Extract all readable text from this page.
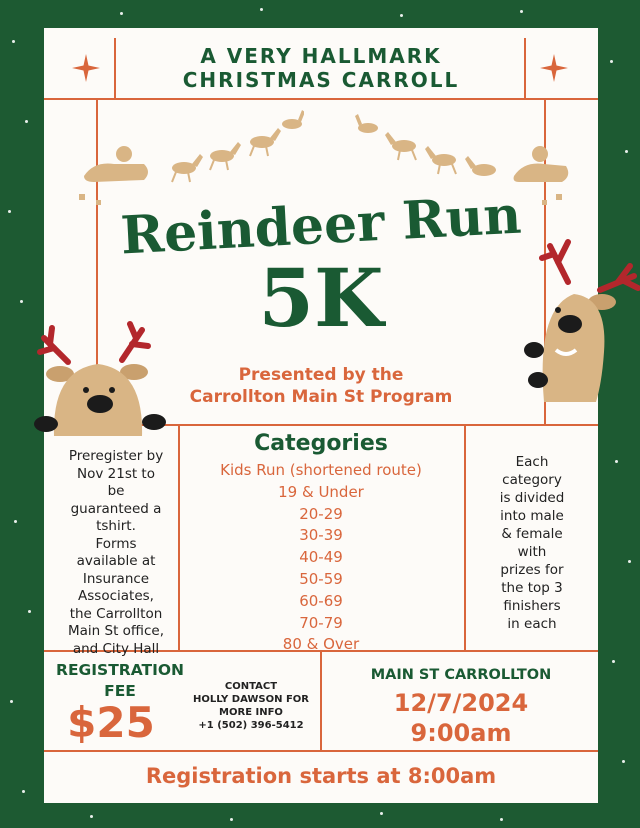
A VERY HALLMARK
CHRISTMAS CARROLL
Reindeer Run
5K
Presented by the
Carrollton Main St Program
Preregister by
Nov 21st to
be
guaranteed a
tshirt.
Forms
available at
Insurance
Associates,
the Carrollton
Main St office,
and City Hall
Categories
Kids Run (shortened route)
19 & Under
20-29
30-39
40-49
50-59
60-69
70-79
80 & Over
Each
category
is divided
into male
& female
with
prizes for
the top 3
finishers
in each
REGISTRATION
FEE
$25
CONTACT
HOLLY DAWSON FOR
MORE INFO
+1 (502) 396-5412
MAIN ST CARROLLTON
12/7/2024
9:00am
Registration starts at 8:00am
